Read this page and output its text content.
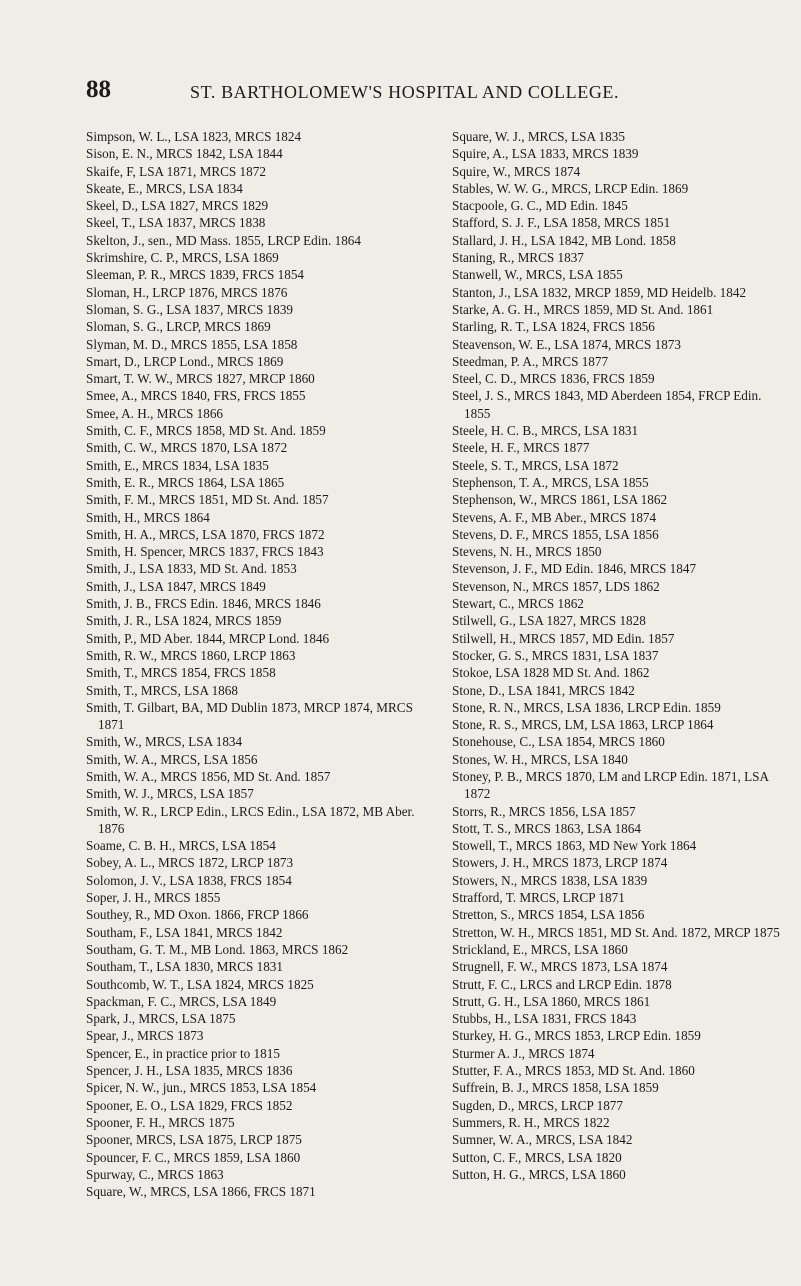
88	ST. BARTHOLOMEW'S HOSPITAL AND COLLEGE.
Simpson, W. L., LSA 1823, MRCS 1824
Sison, E. N., MRCS 1842, LSA 1844
Skaife, F, LSA 1871, MRCS 1872
Skeate, E., MRCS, LSA 1834
Skeel, D., LSA 1827, MRCS 1829
Skeel, T., LSA 1837, MRCS 1838
Skelton, J., sen., MD Mass. 1855, LRCP Edin. 1864
Skrimshire, C. P., MRCS, LSA 1869
Sleeman, P. R., MRCS 1839, FRCS 1854
Sloman, H., LRCP 1876, MRCS 1876
Sloman, S. G., LSA 1837, MRCS 1839
Sloman, S. G., LRCP, MRCS 1869
Slyman, M. D., MRCS 1855, LSA 1858
Smart, D., LRCP Lond., MRCS 1869
Smart, T. W. W., MRCS 1827, MRCP 1860
Smee, A., MRCS 1840, FRS, FRCS 1855
Smee, A. H., MRCS 1866
Smith, C. F., MRCS 1858, MD St. And. 1859
Smith, C. W., MRCS 1870, LSA 1872
Smith, E., MRCS 1834, LSA 1835
Smith, E. R., MRCS 1864, LSA 1865
Smith, F. M., MRCS 1851, MD St. And. 1857
Smith, H., MRCS 1864
Smith, H. A., MRCS, LSA 1870, FRCS 1872
Smith, H. Spencer, MRCS 1837, FRCS 1843
Smith, J., LSA 1833, MD St. And. 1853
Smith, J., LSA 1847, MRCS 1849
Smith, J. B., FRCS Edin. 1846, MRCS 1846
Smith, J. R., LSA 1824, MRCS 1859
Smith, P., MD Aber. 1844, MRCP Lond. 1846
Smith, R. W., MRCS 1860, LRCP 1863
Smith, T., MRCS 1854, FRCS 1858
Smith, T., MRCS, LSA 1868
Smith, T. Gilbart, BA, MD Dublin 1873, MRCP 1874, MRCS 1871
Smith, W., MRCS, LSA 1834
Smith, W. A., MRCS, LSA 1856
Smith, W. A., MRCS 1856, MD St. And. 1857
Smith, W. J., MRCS, LSA 1857
Smith, W. R., LRCP Edin., LRCS Edin., LSA 1872, MB Aber. 1876
Soame, C. B. H., MRCS, LSA 1854
Sobey, A. L., MRCS 1872, LRCP 1873
Solomon, J. V., LSA 1838, FRCS 1854
Soper, J. H., MRCS 1855
Southey, R., MD Oxon. 1866, FRCP 1866
Southam, F., LSA 1841, MRCS 1842
Southam, G. T. M., MB Lond. 1863, MRCS 1862
Southam, T., LSA 1830, MRCS 1831
Southcomb, W. T., LSA 1824, MRCS 1825
Spackman, F. C., MRCS, LSA 1849
Spark, J., MRCS, LSA 1875
Spear, J., MRCS 1873
Spencer, E., in practice prior to 1815
Spencer, J. H., LSA 1835, MRCS 1836
Spicer, N. W., jun., MRCS 1853, LSA 1854
Spooner, E. O., LSA 1829, FRCS 1852
Spooner, F. H., MRCS 1875
Spooner, MRCS, LSA 1875, LRCP 1875
Spouncer, F. C., MRCS 1859, LSA 1860
Spurway, C., MRCS 1863
Square, W., MRCS, LSA 1866, FRCS 1871
Square, W. J., MRCS, LSA 1835
Squire, A., LSA 1833, MRCS 1839
Squire, W., MRCS 1874
Stables, W. W. G., MRCS, LRCP Edin. 1869
Stacpoole, G. C., MD Edin. 1845
Stafford, S. J. F., LSA 1858, MRCS 1851
Stallard, J. H., LSA 1842, MB Lond. 1858
Staning, R., MRCS 1837
Stanwell, W., MRCS, LSA 1855
Stanton, J., LSA 1832, MRCP 1859, MD Heidelb. 1842
Starke, A. G. H., MRCS 1859, MD St. And. 1861
Starling, R. T., LSA 1824, FRCS 1856
Steavenson, W. E., LSA 1874, MRCS 1873
Steedman, P. A., MRCS 1877
Steel, C. D., MRCS 1836, FRCS 1859
Steel, J. S., MRCS 1843, MD Aberdeen 1854, FRCP Edin. 1855
Steele, H. C. B., MRCS, LSA 1831
Steele, H. F., MRCS 1877
Steele, S. T., MRCS, LSA 1872
Stephenson, T. A., MRCS, LSA 1855
Stephenson, W., MRCS 1861, LSA 1862
Stevens, A. F., MB Aber., MRCS 1874
Stevens, D. F., MRCS 1855, LSA 1856
Stevens, N. H., MRCS 1850
Stevenson, J. F., MD Edin. 1846, MRCS 1847
Stevenson, N., MRCS 1857, LDS 1862
Stewart, C., MRCS 1862
Stilwell, G., LSA 1827, MRCS 1828
Stilwell, H., MRCS 1857, MD Edin. 1857
Stocker, G. S., MRCS 1831, LSA 1837
Stokoe, LSA 1828 MD St. And. 1862
Stone, D., LSA 1841, MRCS 1842
Stone, R. N., MRCS, LSA 1836, LRCP Edin. 1859
Stone, R. S., MRCS, LM, LSA 1863, LRCP 1864
Stonehouse, C., LSA 1854, MRCS 1860
Stones, W. H., MRCS, LSA 1840
Stoney, P. B., MRCS 1870, LM and LRCP Edin. 1871, LSA 1872
Storrs, R., MRCS 1856, LSA 1857
Stott, T. S., MRCS 1863, LSA 1864
Stowell, T., MRCS 1863, MD New York 1864
Stowers, J. H., MRCS 1873, LRCP 1874
Stowers, N., MRCS 1838, LSA 1839
Strafford, T. MRCS, LRCP 1871
Stretton, S., MRCS 1854, LSA 1856
Stretton, W. H., MRCS 1851, MD St. And. 1872, MRCP 1875
Strickland, E., MRCS, LSA 1860
Strugnell, F. W., MRCS 1873, LSA 1874
Strutt, F. C., LRCS and LRCP Edin. 1878
Strutt, G. H., LSA 1860, MRCS 1861
Stubbs, H., LSA 1831, FRCS 1843
Sturkey, H. G., MRCS 1853, LRCP Edin. 1859
Sturmer A. J., MRCS 1874
Stutter, F. A., MRCS 1853, MD St. And. 1860
Suffrein, B. J., MRCS 1858, LSA 1859
Sugden, D., MRCS, LRCP 1877
Summers, R. H., MRCS 1822
Sumner, W. A., MRCS, LSA 1842
Sutton, C. F., MRCS, LSA 1820
Sutton, H. G., MRCS, LSA 1860
